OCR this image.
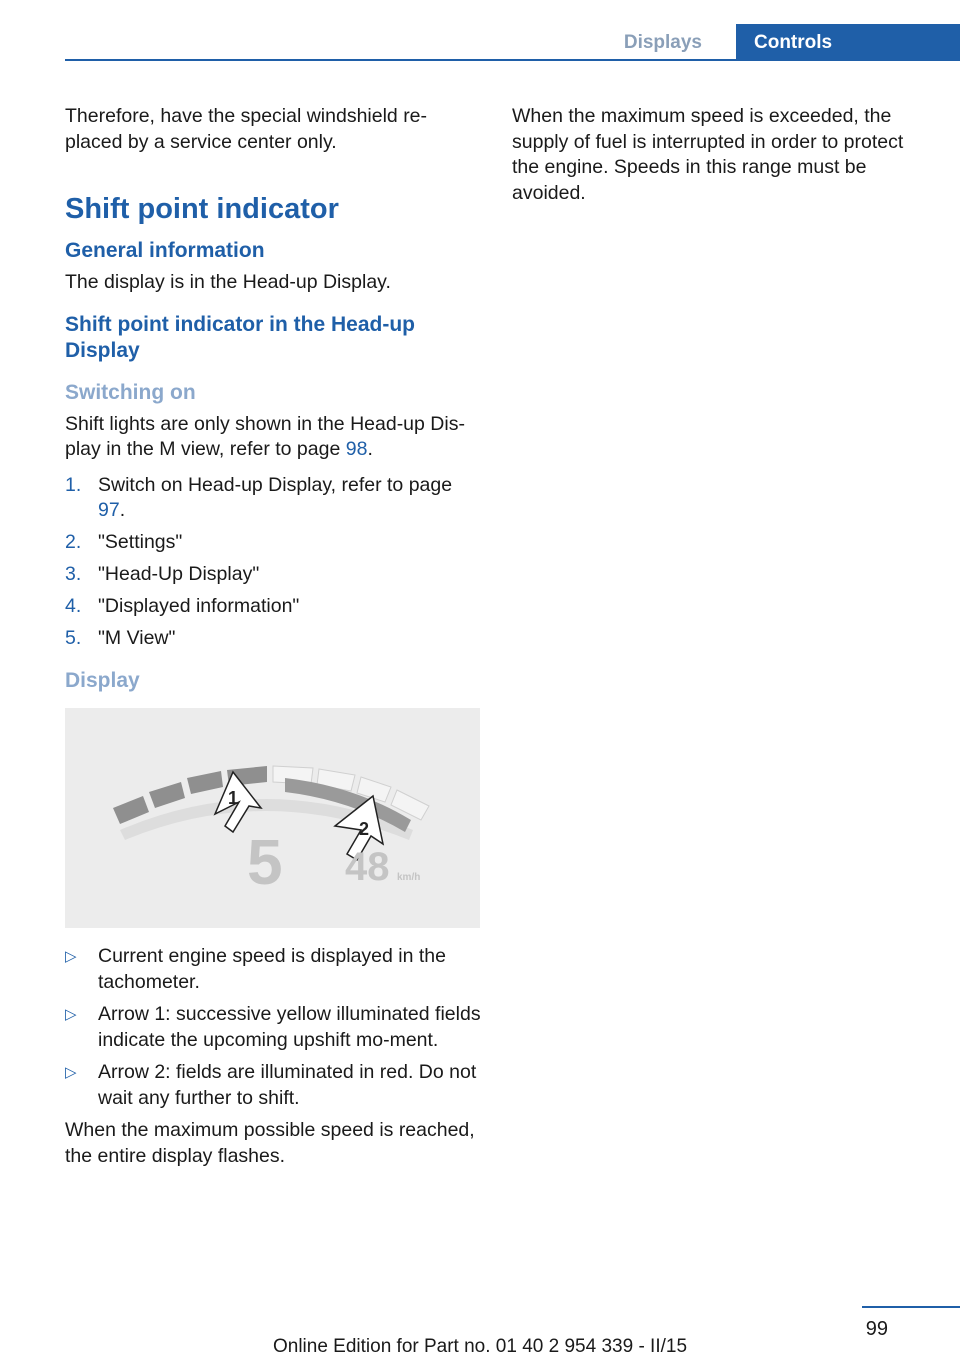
Displays	Controls

Therefore, have the special windshield re‐placed by a service center only.

Shift point indicator
General information

The display is in the Head-up Display.

Shift point indicator in the Head-up Display
Switching on

Shift lights are only shown in the Head-up Dis‐play in the M view, refer to page 98.

1. Switch on Head-up Display, refer to page 97.
2. "Settings"
3. "Head-Up Display"
4. "Displayed information"
5. "M View"
Display
1
2
5 48 km/h
▷ Current engine speed is displayed in the tachometer.
▷ Arrow 1: successive yellow illuminated fields indicate the upcoming upshift mo‐ment.
▷ Arrow 2: fields are illuminated in red. Do not wait any further to shift.

When the maximum possible speed is reached, the entire display flashes.

When the maximum speed is exceeded, the supply of fuel is interrupted in order to protect the engine. Speeds in this range must be avoided.

99
Online Edition for Part no. 01 40 2 954 339 - II/15
